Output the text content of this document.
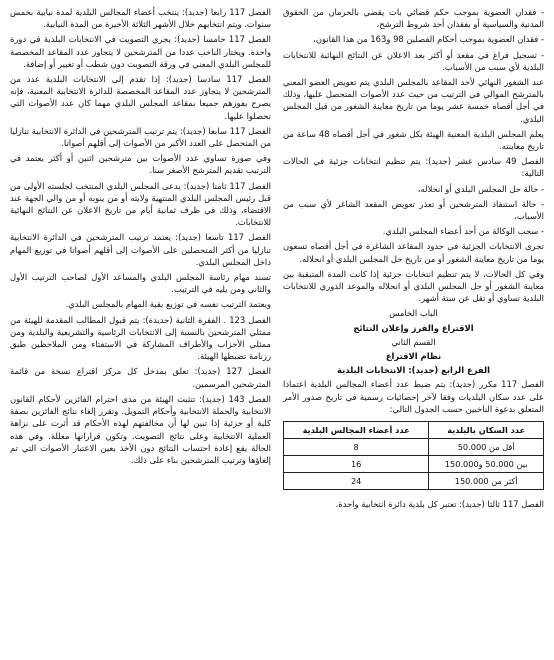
- فقدان العضوية بموجب حكم قضائي بات يقضي بالحرمان من الحقوق المدنية والسياسية أو بفقدان أحد شروط الترشح،

- فقدان العضوية بموجب أحكام الفصلين 98 و163 من هذا القانون،

- تسجيل فراغ في مقعد أو أكثر بعد الاعلان عن النتائج النهائية للانتخابات البلدية لأي سبب من الأسباب.

عند الشغور النهائي لأحد المقاعد بالمجلس البلدي يتم تعويض العضو المعني بالمترشح الموالي في الترتيب من حيث عدد الأصوات المتحصل عليها، وذلك في أجل أقصاه خمسة عشر يوما من تاريخ معاينة الشغور من قبل المجلس البلدي.

يعلم المجلس البلدية المعنية الهيئة بكل شغور في أجل أقصاه 48 ساعة من تاريخ معاينته.

الفصل 49 سادس عشر (جديد): يتم تنظيم انتخابات جزئية في الحالات التالية:

- حالة حل المجلس البلدي أو انحلاله،

- حالة استنفاذ المترشحين أو تعذر تعويض المقعد الشاغر لأي سبب من الأسباب،

- سحب الوكالة من أحد أعضاء المجلس البلدي.

تجرى الانتخابات الجزئية في حدود المقاعد الشاغرة في أجل أقصاه تسعون يوما من تاريخ معاينة الشغور أو من تاريخ حل المجلس البلدي أو انحلاله.

وفي كل الحالات، لا يتم تنظيم انتخابات جزئية إذا كانت المدة المتبقية بين معاينة الشغور أو حل المجلس البلدي أو انحلاله والموعد الدوري للانتخابات البلدية تساوي أو تقل عن ستة أشهر.

الباب الخامس

الاقتراع والفرز وإعلان النتائج

القسم الثاني

نظام الاقتراع

الفرع الرابع (جديد): الانتخابات البلدية

الفصل 117 مكرر (جديد): يتم ضبط عدد أعضاء المجالس البلدية اعتمادا على عدد سكان البلديات وفقا لآخر إحصائيات رسمية في تاريخ صدور الأمر المتعلق بدعوة الناخبين حسب الجدول التالي:

عدد السكان بالبلدية	عدد أعضاء المجالس البلدية
أقل من 50.000	8
بين 50.000 و150.000	16
أكثر من 150.000	24

الفصل 117 ثالثا (جديد): تعتبر كل بلدية دائرة انتخابية واحدة.

الفصل 117 رابعا (جديد): ينتخب أعضاء المجالس البلدية لمدة نيابية بخمس سنوات. ويتم انتخابهم خلال الأشهر الثلاثة الأخيرة من المدة النيابية.

الفصل 117 خامسا (جديد): يجري التصويت في الانتخابات البلدية في دورة واحدة. ويختار الناخب عددا من المترشحين لا يتجاوز عدد المقاعد المخصصة للمجلس البلدي المعني في ورقة التصويت دون شطب أو تغيير أو إضافة.

الفصل 117 سادسا (جديد): إذا تقدم إلى الانتخابات البلدية عدد من المترشحين لا يتجاوز عدد المقاعد المخصصة للدائرة الانتخابية المعنية، فإنه يصرح بفوزهم جميعا بمقاعد المجلس البلدي مهما كان عدد الأصوات التي تحصلوا عليها.

الفصل 117 سابعا (جديد): يتم ترتيب المترشحين في الدائرة الانتخابية تنازليا من المتحصل على العدد الأكبر من الأصوات إلى أقلهم أصواتا.

وفي صورة تساوي عدد الأصوات بين مترشحين اثنين أو أكثر يعتمد في الترتيب تقديم المترشح الأصغر سنا.

الفصل 117 ثامنا (جديد): يدعى المجلس البلدي المنتخب لجلسته الأولى من قبل رئيس المجلس البلدي المنتهية ولايته أو من ينوبه أو من والي الجهة عند الاقتضاء، وذلك في ظرف ثمانية أيام من تاريخ الاعلان عن النتائج النهائية للانتخابات.

الفصل 117 تاسعا (جديد): يعتمد ترتيب المترشحين في الدائرة الانتخابية تنازليا من أكثر المتحصلين على الأصوات إلى أقلهم أصواتا في توزيع المهام داخل المجلس البلدي.

تسند مهام رئاسة المجلس البلدي والمساعد الأول لصاحب الترتيب الأول والثاني ومن يليه في الترتيب.

ويعتمد الترتيب نفسه في توزيع بقية المهام بالمجلس البلدي.

الفصل 123 . الفقرة الثانية (جديدة): يتم قبول المطالب المقدمة للهيئة من ممثلي المترشحين بالنسبة إلى الانتخابات الرئاسية والتشريعية والبلدية ومن ممثلي الأحزاب والأطراف المشاركة في الاستفتاء ومن الملاحظين طبق رزنامة تضبطها الهيئة.

الفصل 127 (جديد): تعلق بمدخل كل مركز اقتراع نسخة من قائمة المترشحين المرسمين.

الفصل 143 (جديد): تتثبت الهيئة من مدى احترام الفائزين لأحكام القانون الانتخابية والحملة الانتخابية وأحكام التمويل. وتقرر إلغاء نتائج الفائزين بصفة كلية أو جزئية إذا تبين لها أن مخالفتهم لهذه الأحكام قد أثرت على نزاهة العملية الانتخابية وعلى نتائج التصويت. وتكون قراراتها معللة. وفي هذه الحالة يقع إعادة احتساب النتائج دون الأخذ بعين الاعتبار الأصوات التي تم إلغاؤها وترتيب المترشحين بناء على ذلك.
